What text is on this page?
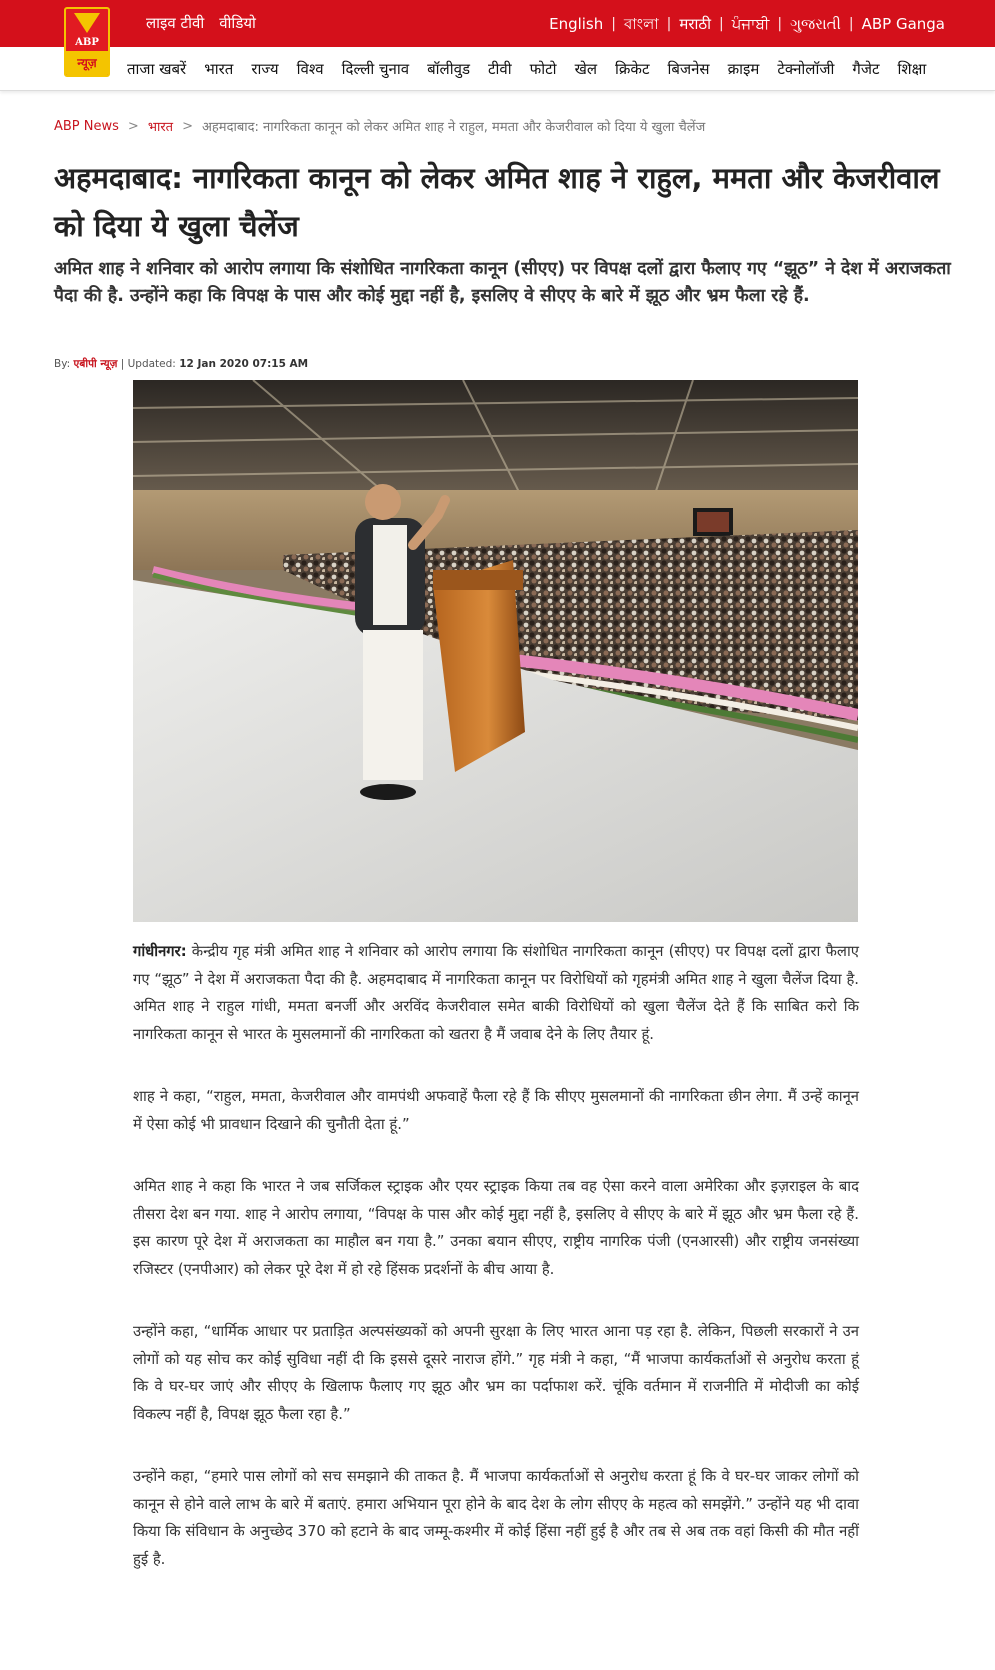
लाइव टीवी वीडियो	English | বাংলা | मराठी | ਪੰਜਾਬੀ | ગુજરાતી | ABP Ganga
ABP
न्यूज़	ताजा खबरें भारत राज्य विश्व दिल्ली चुनाव बॉलीवुड टीवी फोटो खेल क्रिकेट बिजनेस क्राइम टेक्नोलॉजी गैजेट शिक्षा
ABP News > भारत > अहमदाबाद: नागरिकता कानून को लेकर अमित शाह ने राहुल, ममता और केजरीवाल को दिया ये खुला चैलेंज
अहमदाबाद: नागरिकता कानून को लेकर अमित शाह ने राहुल, ममता और केजरीवाल को दिया ये खुला चैलेंज

अमित शाह ने शनिवार को आरोप लगाया कि संशोधित नागरिकता कानून (सीएए) पर विपक्ष दलों द्वारा फैलाए गए “झूठ” ने देश में अराजकता पैदा की है. उन्होंने कहा कि विपक्ष के पास और कोई मुद्दा नहीं है, इसलिए वे सीएए के बारे में झूठ और भ्रम फैला रहे हैं.

By: एबीपी न्यूज़ | Updated: 12 Jan 2020 07:15 AM

गांधीनगर: केन्द्रीय गृह मंत्री अमित शाह ने शनिवार को आरोप लगाया कि संशोधित नागरिकता कानून (सीएए) पर विपक्ष दलों द्वारा फैलाए गए “झूठ” ने देश में अराजकता पैदा की है. अहमदाबाद में नागरिकता कानून पर विरोधियों को गृहमंत्री अमित शाह ने खुला चैलेंज दिया है. अमित शाह ने राहुल गांधी, ममता बनर्जी और अरविंद केजरीवाल समेत बाकी विरोधियों को खुला चैलेंज देते हैं कि साबित करो कि नागरिकता कानून से भारत के मुसलमानों की नागरिकता को खतरा है मैं जवाब देने के लिए तैयार हूं.

शाह ने कहा, “राहुल, ममता, केजरीवाल और वामपंथी अफवाहें फैला रहे हैं कि सीएए मुसलमानों की नागरिकता छीन लेगा. मैं उन्हें कानून में ऐसा कोई भी प्रावधान दिखाने की चुनौती देता हूं.”

अमित शाह ने कहा कि भारत ने जब सर्जिकल स्ट्राइक और एयर स्ट्राइक किया तब वह ऐसा करने वाला अमेरिका और इज़राइल के बाद तीसरा देश बन गया. शाह ने आरोप लगाया, “विपक्ष के पास और कोई मुद्दा नहीं है, इसलिए वे सीएए के बारे में झूठ और भ्रम फैला रहे हैं. इस कारण पूरे देश में अराजकता का माहौल बन गया है.” उनका बयान सीएए, राष्ट्रीय नागरिक पंजी (एनआरसी) और राष्ट्रीय जनसंख्या रजिस्टर (एनपीआर) को लेकर पूरे देश में हो रहे हिंसक प्रदर्शनों के बीच आया है.

उन्होंने कहा, “धार्मिक आधार पर प्रताड़ित अल्पसंख्यकों को अपनी सुरक्षा के लिए भारत आना पड़ रहा है. लेकिन, पिछली सरकारों ने उन लोगों को यह सोच कर कोई सुविधा नहीं दी कि इससे दूसरे नाराज होंगे.” गृह मंत्री ने कहा, “मैं भाजपा कार्यकर्ताओं से अनुरोध करता हूं कि वे घर-घर जाएं और सीएए के खिलाफ फैलाए गए झूठ और भ्रम का पर्दाफाश करें. चूंकि वर्तमान में राजनीति में मोदीजी का कोई विकल्प नहीं है, विपक्ष झूठ फैला रहा है.”

उन्होंने कहा, “हमारे पास लोगों को सच समझाने की ताकत है. मैं भाजपा कार्यकर्ताओं से अनुरोध करता हूं कि वे घर-घर जाकर लोगों को कानून से होने वाले लाभ के बारे में बताएं. हमारा अभियान पूरा होने के बाद देश के लोग सीएए के महत्व को समझेंगे.” उन्होंने यह भी दावा किया कि संविधान के अनुच्छेद 370 को हटाने के बाद जम्मू-कश्मीर में कोई हिंसा नहीं हुई है और तब से अब तक वहां किसी की मौत नहीं हुई है.
